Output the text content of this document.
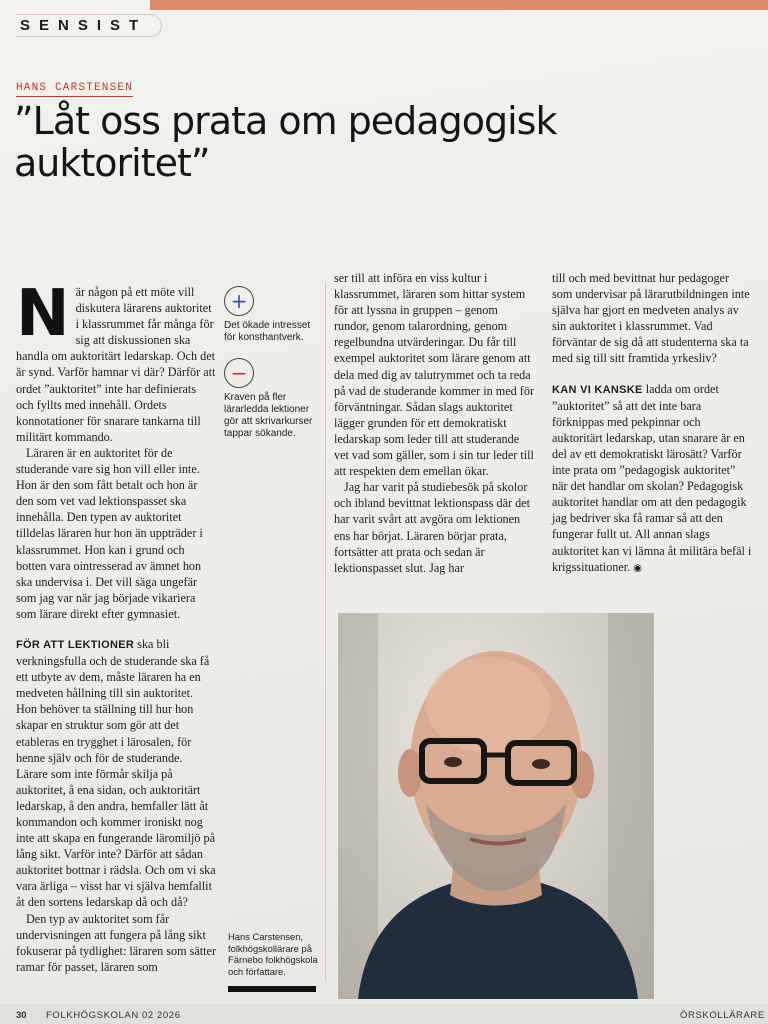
SENSIST
HANS CARSTENSEN
”Låt oss prata om pedagogisk auktoritet”

När någon på ett möte vill diskutera lärarens auktoritet i klassrummet får många för sig att diskussionen ska handla om auktoritärt ledarskap. Och det är synd. Varför hamnar vi där? Därför att ordet ”auktoritet” inte har definierats och fyllts med innehåll. Ordets konnotationer för snarare tankarna till militärt kommando.

Läraren är en auktoritet för de studerande vare sig hon vill eller inte. Hon är den som fått betalt och hon är den som vet vad lektionspasset ska innehålla. Den typen av auktoritet tilldelas läraren hur hon än uppträder i klassrummet. Hon kan i grund och botten vara ointresserad av ämnet hon ska undervisa i. Det vill säga ungefär som jag var när jag började vikariera som lärare direkt efter gymnasiet.

FÖR ATT LEKTIONER ska bli verkningsfulla och de studerande ska få ett utbyte av dem, måste läraren ha en medveten hållning till sin auktoritet. Hon behöver ta ställning till hur hon skapar en struktur som gör att det etableras en trygghet i lärosalen, för henne själv och för de studerande. Lärare som inte förmår skilja på auktoritet, å ena sidan, och auktoritärt ledarskap, å den andra, hemfaller lätt åt kommandon och kommer ironiskt nog inte att skapa en fungerande läromiljö på lång sikt. Varför inte? Därför att sådan auktoritet bottnar i rädsla. Och om vi ska vara ärliga – visst har vi själva hemfallit åt den sortens ledarskap då och då?

Den typ av auktoritet som får undervisningen att fungera på lång sikt fokuserar på tydlighet: läraren som sätter ramar för passet, läraren som

+
Det ökade intresset för konsthantverk.
−
Kraven på fler lärarledda lektioner gör att skrivarkurser tappar sökande.

ser till att införa en viss kultur i klassrummet, läraren som hittar system för att lyssna in gruppen – genom rundor, genom talarordning, genom regelbundna utvärderingar. Du får till exempel auktoritet som lärare genom att dela med dig av talutrymmet och ta reda på vad de studerande kommer in med för förväntningar. Sådan slags auktoritet lägger grunden för ett demokratiskt ledarskap som leder till att studerande vet vad som gäller, som i sin tur leder till att respekten dem emellan ökar.

Jag har varit på studiebesök på skolor och ibland bevittnat lektionspass där det har varit svårt att avgöra om lektionen ens har börjat. Läraren börjar prata, fortsätter att prata och sedan är lektionspasset slut. Jag har

till och med bevittnat hur pedagoger som undervisar på lärarutbildningen inte själva har gjort en medveten analys av sin auktoritet i klassrummet. Vad förväntar de sig då att studenterna ska ta med sig till sitt framtida yrkesliv?

KAN VI KANSKE ladda om ordet ”auktoritet” så att det inte bara förknippas med pekpinnar och auktoritärt ledarskap, utan snarare är en del av ett demokratiskt lärosätt? Varför inte prata om ”pedagogisk auktoritet” när det handlar om skolan? Pedagogisk auktoritet handlar om att den pedagogik jag bedriver ska få ramar så att den fungerar fullt ut. All annan slags auktoritet kan vi lämna åt militära befäl i krigssituationer. ◉

Hans Carstensen, folkhögskollärare på Färnebo folkhögskola och författare.
30 FOLKHÖGSKOLAN 02 2026	ÖRSKOLLÄRARE
